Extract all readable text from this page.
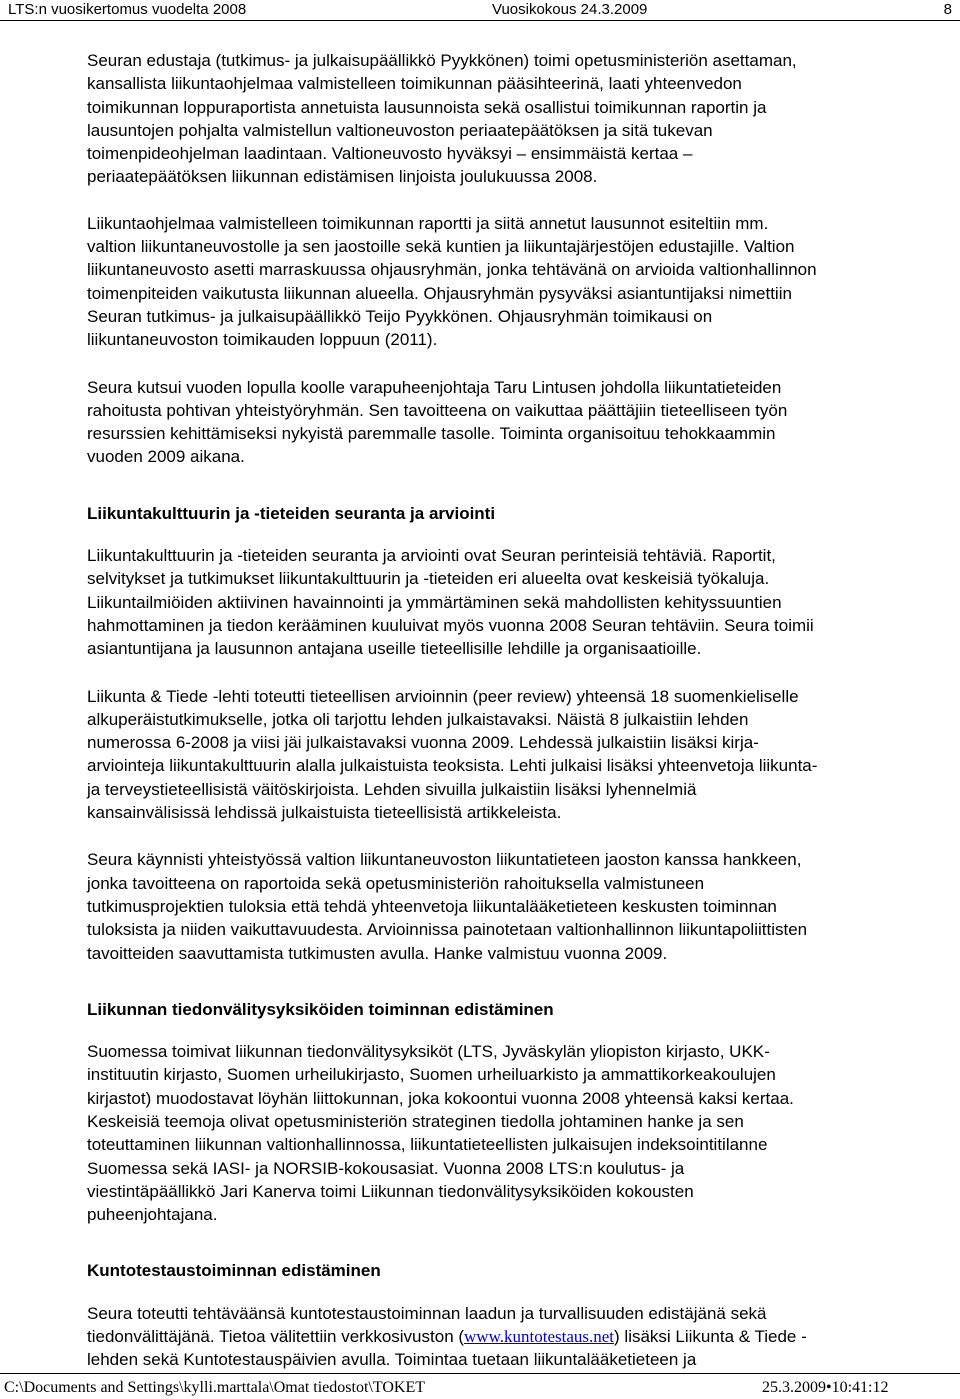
LTS:n vuosikertomus vuodelta 2008	Vuosikokous 24.3.2009	8

Seuran edustaja (tutkimus- ja julkaisupäällikkö Pyykkönen) toimi opetusministeriön asettaman,
kansallista liikuntaohjelmaa valmistelleen toimikunnan pääsihteerinä, laati yhteenvedon
toimikunnan loppuraportista annetuista lausunnoista sekä osallistui toimikunnan raportin ja
lausuntojen pohjalta valmistellun valtioneuvoston periaatepäätöksen ja sitä tukevan
toimenpideohjelman laadintaan. Valtioneuvosto hyväksyi – ensimmäistä kertaa –
periaatepäätöksen liikunnan edistämisen linjoista joulukuussa 2008.

Liikuntaohjelmaa valmistelleen toimikunnan raportti ja siitä annetut lausunnot esiteltiin mm.
valtion liikuntaneuvostolle ja sen jaostoille sekä kuntien ja liikuntajärjestöjen edustajille. Valtion
liikuntaneuvosto asetti marraskuussa ohjausryhmän, jonka tehtävänä on arvioida valtionhallinnon
toimenpiteiden vaikutusta liikunnan alueella. Ohjausryhmän pysyväksi asiantuntijaksi nimettiin
Seuran tutkimus- ja julkaisupäällikkö Teijo Pyykkönen. Ohjausryhmän toimikausi on
liikuntaneuvoston toimikauden loppuun (2011).

Seura kutsui vuoden lopulla koolle varapuheenjohtaja Taru Lintusen johdolla liikuntatieteiden
rahoitusta pohtivan yhteistyöryhmän. Sen tavoitteena on vaikuttaa päättäjiin tieteelliseen työn
resurssien kehittämiseksi nykyistä paremmalle tasolle. Toiminta organisoituu tehokkaammin
vuoden 2009 aikana.

Liikuntakulttuurin ja -tieteiden seuranta ja arviointi

Liikuntakulttuurin ja -tieteiden seuranta ja arviointi ovat Seuran perinteisiä tehtäviä. Raportit,
selvitykset ja tutkimukset liikuntakulttuurin ja -tieteiden eri alueelta ovat keskeisiä työkaluja.
Liikuntailmiöiden aktiivinen havainnointi ja ymmärtäminen sekä mahdollisten kehityssuuntien
hahmottaminen ja tiedon kerääminen kuuluivat myös vuonna 2008 Seuran tehtäviin. Seura toimii
asiantuntijana ja lausunnon antajana useille tieteellisille lehdille ja organisaatioille.

Liikunta & Tiede -lehti toteutti tieteellisen arvioinnin (peer review) yhteensä 18 suomenkieliselle
alkuperäistutkimukselle, jotka oli tarjottu lehden julkaistavaksi. Näistä 8 julkaistiin lehden
numerossa 6-2008 ja viisi jäi julkaistavaksi vuonna 2009. Lehdessä julkaistiin lisäksi kirja-
arviointeja liikuntakulttuurin alalla julkaistuista teoksista. Lehti julkaisi lisäksi yhteenvetoja liikunta-
ja terveystieteellisistä väitöskirjoista. Lehden sivuilla julkaistiin lisäksi lyhennelmiä
kansainvälisissä lehdissä julkaistuista tieteellisistä artikkeleista.

Seura käynnisti yhteistyössä valtion liikuntaneuvoston liikuntatieteen jaoston kanssa hankkeen,
jonka tavoitteena on raportoida sekä opetusministeriön rahoituksella valmistuneen
tutkimusprojektien tuloksia että tehdä yhteenvetoja liikuntalääketieteen keskusten toiminnan
tuloksista ja niiden vaikuttavuudesta. Arvioinnissa painotetaan valtionhallinnon liikuntapoliittisten
tavoitteiden saavuttamista tutkimusten avulla. Hanke valmistuu vuonna 2009.

Liikunnan tiedonvälitysyksiköiden toiminnan edistäminen

Suomessa toimivat liikunnan tiedonvälitysyksiköt (LTS, Jyväskylän yliopiston kirjasto, UKK-
instituutin kirjasto, Suomen urheilukirjasto, Suomen urheiluarkisto ja ammattikorkeakoulujen
kirjastot) muodostavat löyhän liittokunnan, joka kokoontui vuonna 2008 yhteensä kaksi kertaa.
Keskeisiä teemoja olivat opetusministeriön strateginen tiedolla johtaminen hanke ja sen
toteuttaminen liikunnan valtionhallinnossa, liikuntatieteellisten julkaisujen indeksointitilanne
Suomessa sekä IASI- ja NORSIB-kokousasiat. Vuonna 2008 LTS:n koulutus- ja
viestintäpäällikkö Jari Kanerva toimi Liikunnan tiedonvälitysyksiköiden kokousten
puheenjohtajana.

Kuntotestaustoiminnan edistäminen

Seura toteutti tehtäväänsä kuntotestaustoiminnan laadun ja turvallisuuden edistäjänä sekä
tiedonvälittäjänä. Tietoa välitettiin verkkosivuston (www.kuntotestaus.net) lisäksi Liikunta & Tiede -
lehden sekä Kuntotestauspäivien avulla. Toimintaa tuetaan liikuntalääketieteen ja

C:\Documents and Settings\kylli.marttala\Omat tiedostot\TOKET	25.3.2009•10:41:12
